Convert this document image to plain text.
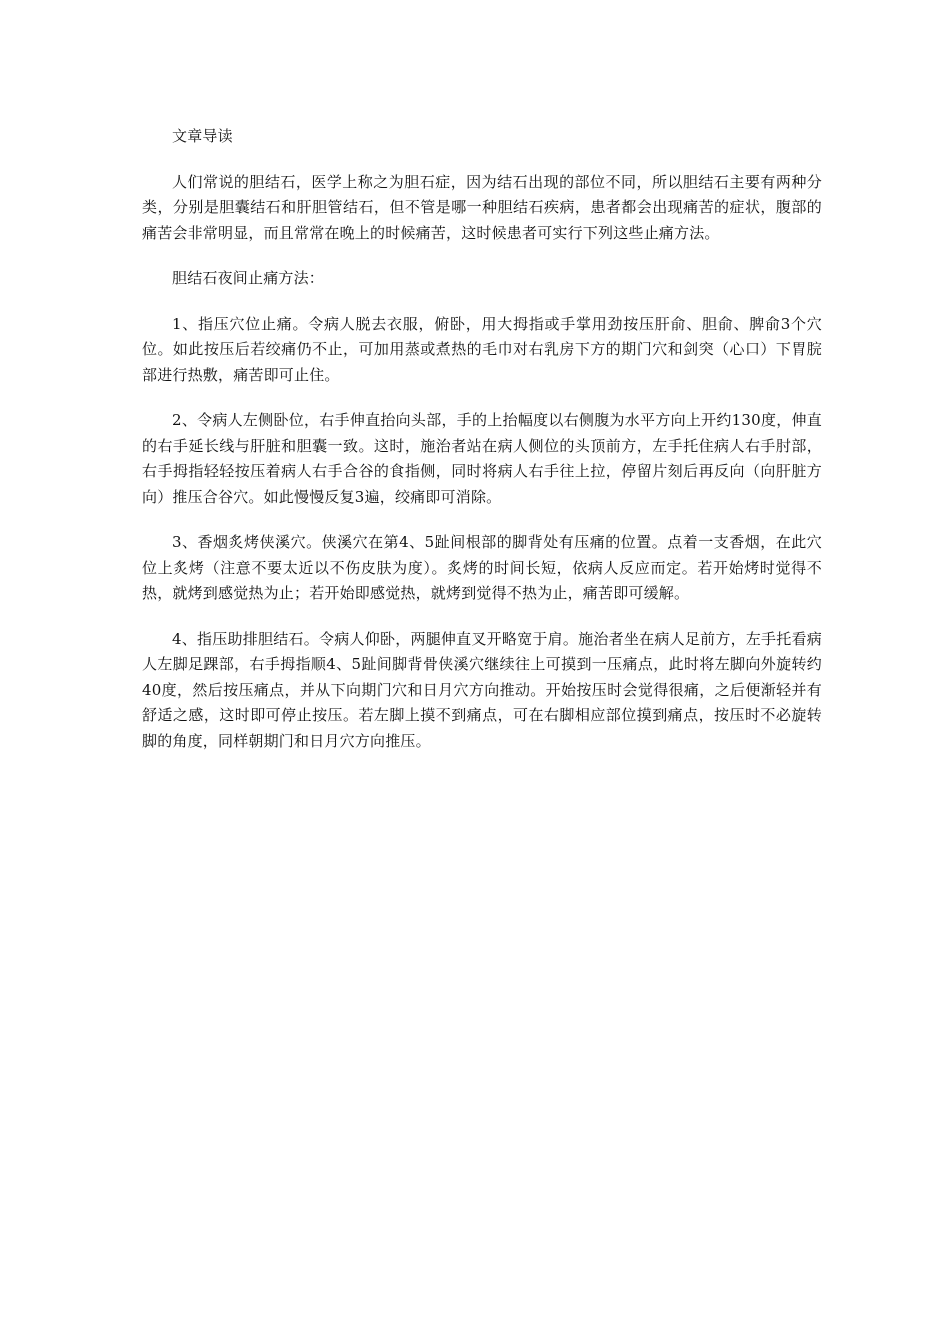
文章导读

人们常说的胆结石，医学上称之为胆石症，因为结石出现的部位不同，所以胆结石主要有两种分类，分别是胆囊结石和肝胆管结石，但不管是哪一种胆结石疾病，患者都会出现痛苦的症状，腹部的痛苦会非常明显，而且常常在晚上的时候痛苦，这时候患者可实行下列这些止痛方法。

胆结石夜间止痛方法：

1、指压穴位止痛。令病人脱去衣服，俯卧，用大拇指或手掌用劲按压肝俞、胆俞、脾俞3个穴位。如此按压后若绞痛仍不止，可加用蒸或煮热的毛巾对右乳房下方的期门穴和剑突（心口）下胃脘部进行热敷，痛苦即可止住。

2、令病人左侧卧位，右手伸直抬向头部，手的上抬幅度以右侧腹为水平方向上开约130度，伸直的右手延长线与肝脏和胆囊一致。这时，施治者站在病人侧位的头顶前方，左手托住病人右手肘部，右手拇指轻轻按压着病人右手合谷的食指侧，同时将病人右手往上拉，停留片刻后再反向（向肝脏方向）推压合谷穴。如此慢慢反复3遍，绞痛即可消除。

3、香烟炙烤侠溪穴。侠溪穴在第4、5趾间根部的脚背处有压痛的位置。点着一支香烟，在此穴位上炙烤（注意不要太近以不伤皮肤为度）。炙烤的时间长短，依病人反应而定。若开始烤时觉得不热，就烤到感觉热为止；若开始即感觉热，就烤到觉得不热为止，痛苦即可缓解。

4、指压助排胆结石。令病人仰卧，两腿伸直叉开略宽于肩。施治者坐在病人足前方，左手托看病人左脚足踝部，右手拇指顺4、5趾间脚背骨侠溪穴继续往上可摸到一压痛点，此时将左脚向外旋转约40度，然后按压痛点，并从下向期门穴和日月穴方向推动。开始按压时会觉得很痛，之后便渐轻并有舒适之感，这时即可停止按压。若左脚上摸不到痛点，可在右脚相应部位摸到痛点，按压时不必旋转脚的角度，同样朝期门和日月穴方向推压。
